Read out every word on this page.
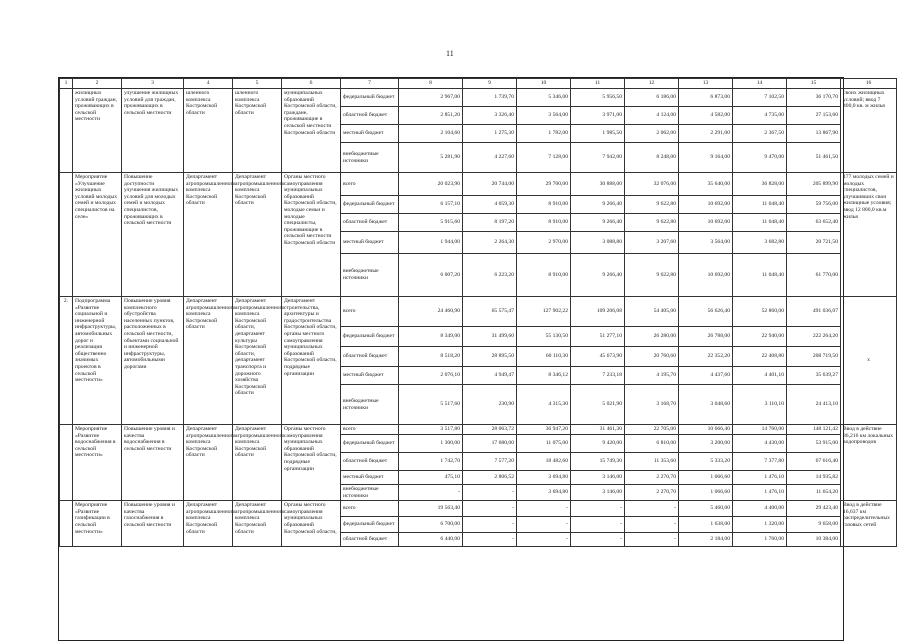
11
1	2	3	4	5	6	7	8	9	10	11	12	13	14	15	16
	жилищных условий граждан, проживающих в сельской местности	улучшение жилищных условий для граждан, проживающих в сельской местности	шленного комплекса Костромской области	шленного комплекса Костромской области	муниципальных образований Костромской области, граждане, проживающие в сельской местности Костромской области	федеральный бюджет	2 967,00	1 739,70	5 346,00	5 956,50	6 186,00	6 873,00	7 102,50	36 170,70	своих жилищных условий; ввод 7 400,0 кв. м жилья
						областной бюджет	2 851,20	3 326,40	3 564,00	3 971,00	4 124,00	4 582,00	4 735,00	27 153,60	
						местный бюджет	2 104,60	1 275,30	1 782,00	1 985,50	2 062,00	2 291,00	2 367,50	13 867,90	
						внебюджетные источники	5 281,90	4 227,60	7 128,00	7 942,00	8 248,00	9 164,00	9 470,00	51 461,50	
	Мероприятие «Улучшение жилищных условий молодых семей и молодых специалистов на селе»	Повышение доступности улучшения жилищных условий для молодых семей и молодых специалистов, проживающих в сельской местности	Департамент агропромышленного комплекса Костромской области	Департамент агропромышленного комплекса Костромской области	Органы местного самоуправления муниципальных образований Костромской области, молодые семьи и молодые специалисты, проживающие в сельской местности Костромской области	всего	20 023,90	20 744,00	29 700,00	30 888,00	32 076,00	35 640,00	36 828,00	205 899,90	177 молодых семей и молодых специалистов, улучшивших свои жилищные условия; ввод 12 800,0 кв.м жилья
						федеральный бюджет	6 157,10	4 059,30	8 910,00	9 266,40	9 622,80	10 692,00	11 048,40	59 756,00	
						областной бюджет	5 915,60	8 197,20	8 910,00	9 266,40	9 622,80	10 692,00	11 048,40	63 652,40	
						местный бюджет	1 944,00	2 264,30	2 970,00	3 088,80	3 207,60	3 564,00	3 682,80	20 721,50	
						внебюджетные источники	6 007,20	6 223,20	8 910,00	9 266,40	9 622,80	10 692,00	11 048,40	61 770,00	
2.	Подпрограмма «Развитие социальной и инженерной инфраструктуры, автомобильных дорог и реализация общественно значимых проектов в сельской местности»	Повышение уровня комплексного обустройства населенных пунктов, расположенных в сельской местности, объектами социальной и инженерной инфраструктуры, автомобильными дорогами	Департамент агропромышленного комплекса Костромской области	Департамент агропромышленного комплекса Костромской области, департамент культуры Костромской области, департамент транспорта и дорожного хозяйства Костромской области	Департамент строительства, архитектуры и градостроительства Костромской области, органы местного самоуправления муниципальных образований Костромской области, подрядные организации	всего	24 460,90	65 575,47	127 902,22	109 206,08	54 405,00	56 626,40	52 860,00	491 036,07	х
						федеральный бюджет	8 349,00	31 499,60	55 130,50	51 277,10	26 280,00	26 788,00	22 940,00	222 264,20	
						областной бюджет	8 518,20	28 895,50	60 110,30	45 673,90	20 760,60	22 352,20	22 408,80	208 719,50	
						местный бюджет	2 076,10	4 949,47	8 346,12	7 233,18	4 195,70	4 437,60	4 401,10	35 639,27	
						внебюджетные источники	5 517,60	230,90	4 315,30	5 021,90	3 168,70	3 048,60	3 110,10	24 413,10	
	Мероприятие «Развитие водоснабжения в сельской местности»	Повышение уровня и качества водоснабжения в сельской местности	Департамент агропромышленного комплекса Костромской области	Департамент агропромышленного комплекса Костромской области	Органы местного самоуправления муниципальных образований Костромской области, подрядные организации	всего	3 517,80	28 063,72	36 947,20	31 461,30	22 705,00	10 666,40	14 760,00	148 121,42	Ввод в действие 86,216 км локальных водопроводов
						федеральный бюджет	1 300,00	17 680,00	11 075,00	9 420,00	6 810,00	3 200,00	4 430,00	53 915,00	
						областной бюджет	1 742,70	7 577,20	18 482,60	15 749,30	11 353,60	5 333,20	7 377,80	67 616,40	
						местный бюджет	475,10	2 806,52	3 694,80	3 146,00	2 270,70	1 066,60	1 476,10	14 935,82	
						внебюджетные источники	-	-	3 694,80	3 146,00	2 270,70	1 066,60	1 476,10	11 654,20	
	Мероприятие «Развитие газификации в сельской местности»	Повышение уровня и качества газоснабжения в сельской местности	Департамент агропромышленного комплекса Костромской области	Департамент агропромышленного комплекса Костромской области	Органы местного самоуправления муниципальных образований Костромской области,	всего	19 563,40	-	-	-	-	5 460,00	4 400,00	29 423,40	Ввод в действие 16,637 км распределительных газовых сетей
						федеральный бюджет	6 700,00	-	-	-	-	1 638,00	1 320,00	9 658,00	
						областной бюджет	6 440,00	-	-	-	-	2 184,00	1 760,00	10 384,00	
